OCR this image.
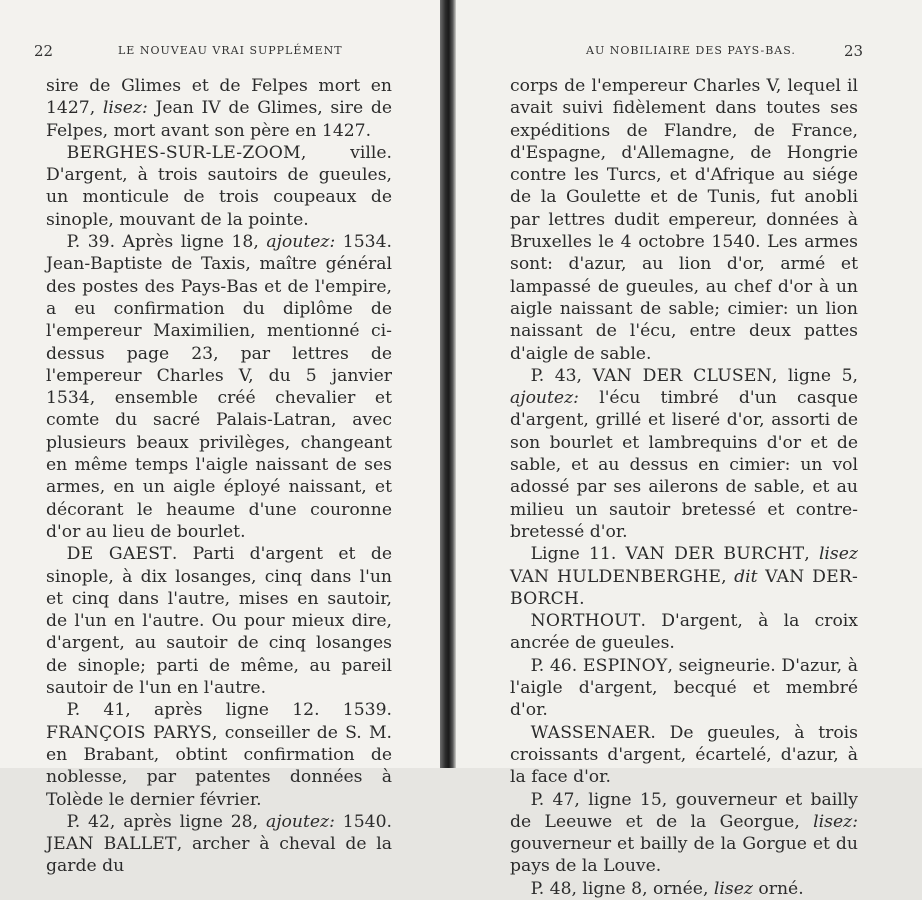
22	LE NOUVEAU VRAI SUPPLÉMENT

sire de Glimes et de Felpes mort en 1427, lisez: Jean IV de Glimes, sire de Felpes, mort avant son père en 1427.

BERGHES-SUR-LE-ZOOM, ville. D'argent, à trois sautoirs de gueules, un monticule de trois coupeaux de sinople, mouvant de la pointe.

P. 39. Après ligne 18, ajoutez: 1534. Jean-Baptiste de Taxis, maître général des postes des Pays-Bas et de l'empire, a eu confirmation du diplôme de l'empereur Maximilien, mentionné ci-dessus page 23, par lettres de l'empereur Charles V, du 5 janvier 1534, ensemble créé chevalier et comte du sacré Palais-Latran, avec plusieurs beaux privilèges, changeant en même temps l'aigle naissant de ses armes, en un aigle éployé naissant, et décorant le heaume d'une couronne d'or au lieu de bourlet.

DE GAEST. Parti d'argent et de sinople, à dix losanges, cinq dans l'un et cinq dans l'autre, mises en sautoir, de l'un en l'autre. Ou pour mieux dire, d'argent, au sautoir de cinq losanges de sinople; parti de même, au pareil sautoir de l'un en l'autre.

P. 41, après ligne 12. 1539. FRANÇOIS PARYS, conseiller de S. M. en Brabant, obtint confirmation de noblesse, par patentes données à Tolède le dernier février.

P. 42, après ligne 28, ajoutez: 1540. JEAN BALLET, archer à cheval de la garde du

AU NOBILIAIRE DES PAYS-BAS.	23

corps de l'empereur Charles V, lequel il avait suivi fidèlement dans toutes ses expéditions de Flandre, de France, d'Espagne, d'Allemagne, de Hongrie contre les Turcs, et d'Afrique au siége de la Goulette et de Tunis, fut anobli par lettres dudit empereur, données à Bruxelles le 4 octobre 1540. Les armes sont: d'azur, au lion d'or, armé et lampassé de gueules, au chef d'or à un aigle naissant de sable; cimier: un lion naissant de l'écu, entre deux pattes d'aigle de sable.

P. 43, VAN DER CLUSEN, ligne 5, ajoutez: l'écu timbré d'un casque d'argent, grillé et liseré d'or, assorti de son bourlet et lambrequins d'or et de sable, et au dessus en cimier: un vol adossé par ses ailerons de sable, et au milieu un sautoir bretessé et contre-bretessé d'or.

Ligne 11. VAN DER BURCHT, lisez VAN HULDENBERGHE, dit VAN DER-BORCH.

NORTHOUT. D'argent, à la croix ancrée de gueules.

P. 46. ESPINOY, seigneurie. D'azur, à l'aigle d'argent, becqué et membré d'or.

WASSENAER. De gueules, à trois croissants d'argent, écartelé, d'azur, à la face d'or.

P. 47, ligne 15, gouverneur et bailly de Leeuwe et de la Georgue, lisez: gouverneur et bailly de la Gorgue et du pays de la Louve.

P. 48, ligne 8, ornée, lisez orné.
